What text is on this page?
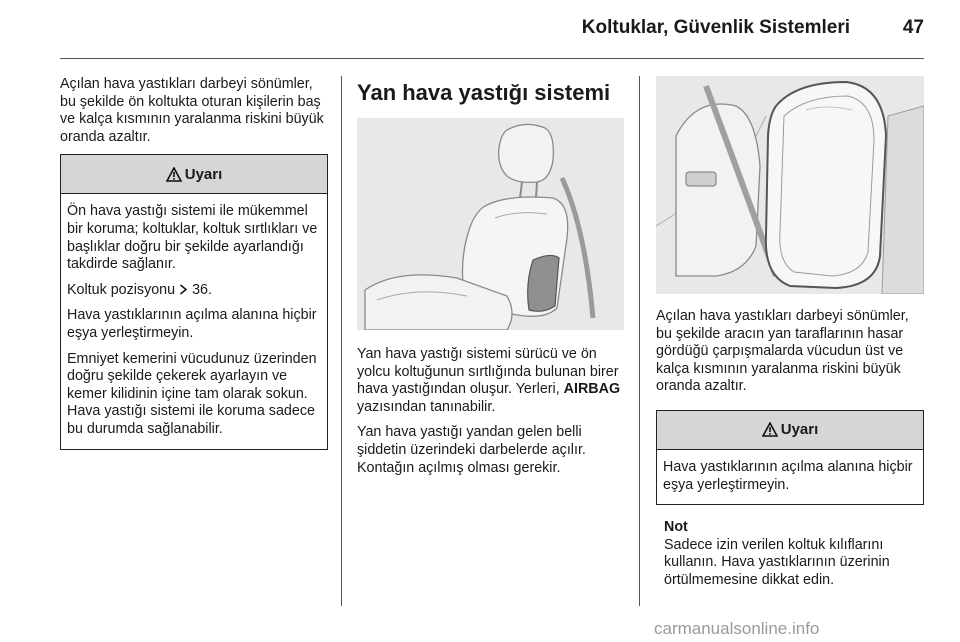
Koltuklar, Güvenlik Sistemleri	47

Açılan hava yastıkları darbeyi sönümler, bu şekilde ön koltukta oturan kişilerin baş ve kalça kısmının yaralanma riskini büyük oranda azaltır.

Uyarı

Ön hava yastığı sistemi ile mükemmel bir koruma; koltuklar, koltuk sırtlıkları ve başlıklar doğru bir şekilde ayarlandığı takdirde sağlanır.

Koltuk pozisyonu 36.

Hava yastıklarının açılma alanına hiçbir eşya yerleştirmeyin.

Emniyet kemerini vücudunuz üzerinden doğru şekilde çekerek ayarlayın ve kemer kilidinin içine tam olarak sokun. Hava yastığı sistemi ile koruma sadece bu durumda sağlanabilir.

Yan hava yastığı sistemi

Yan hava yastığı sistemi sürücü ve ön yolcu koltuğunun sırtlığında bulunan birer hava yastığından oluşur. Yerleri, AIRBAG yazısından tanınabilir.

Yan hava yastığı yandan gelen belli şiddetin üzerindeki darbelerde açılır. Kontağın açılmış olması gerekir.

Açılan hava yastıkları darbeyi sönümler, bu şekilde aracın yan taraflarının hasar gördüğü çarpışmalarda vücudun üst ve kalça kısmının yaralanma riskini büyük oranda azaltır.

Uyarı

Hava yastıklarının açılma alanına hiçbir eşya yerleştirmeyin.

Not
Sadece izin verilen koltuk kılıflarını kullanın. Hava yastıklarının üzerinin örtülmemesine dikkat edin.
carmanualsonline.info
